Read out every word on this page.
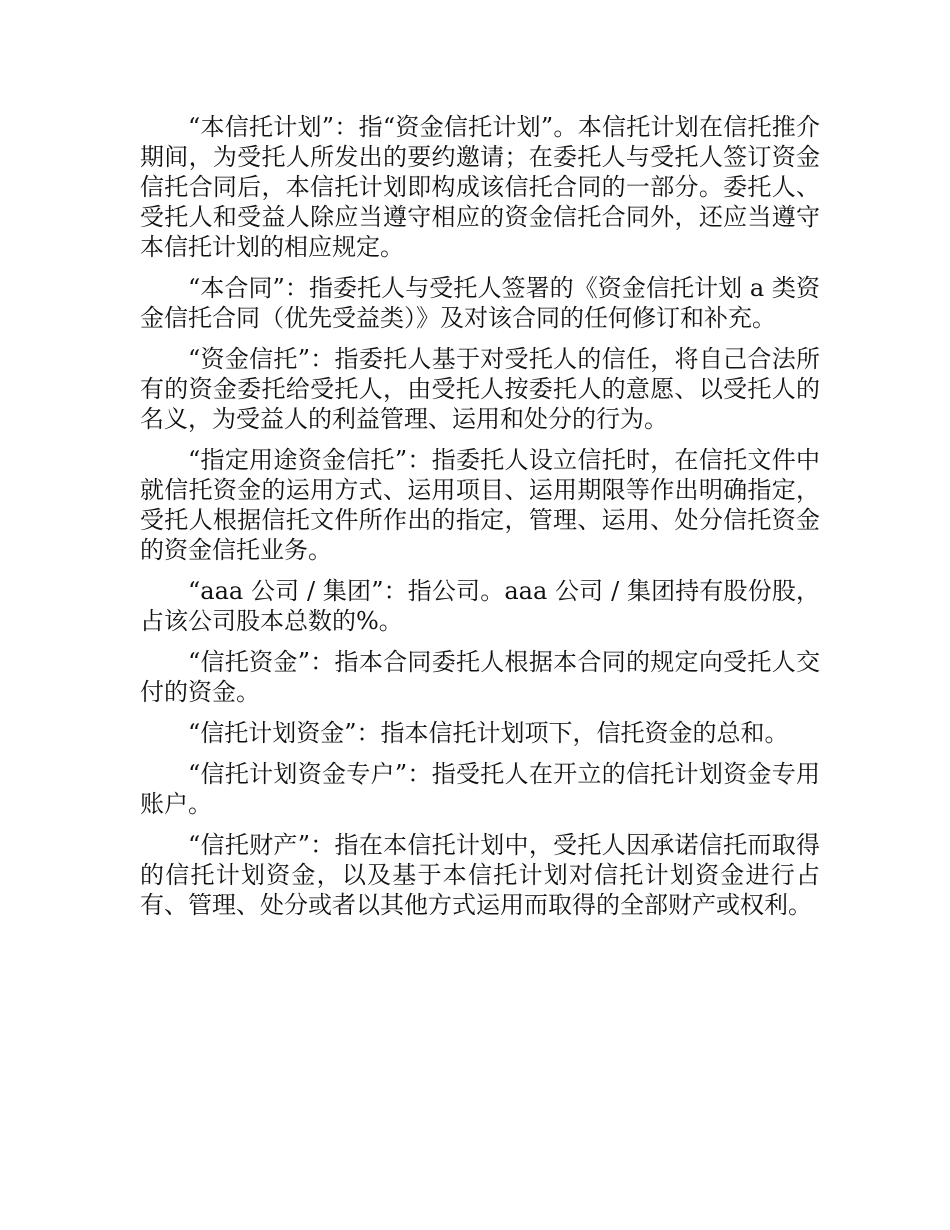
“本信托计划”：指“资金信托计划”。本信托计划在信托推介期间，为受托人所发出的要约邀请；在委托人与受托人签订资金信托合同后，本信托计划即构成该信托合同的一部分。委托人、受托人和受益人除应当遵守相应的资金信托合同外，还应当遵守本信托计划的相应规定。

“本合同”：指委托人与受托人签署的《资金信托计划 a 类资金信托合同（优先受益类）》及对该合同的任何修订和补充。

“资金信托”：指委托人基于对受托人的信任，将自己合法所有的资金委托给受托人，由受托人按委托人的意愿、以受托人的名义，为受益人的利益管理、运用和处分的行为。

“指定用途资金信托”：指委托人设立信托时，在信托文件中就信托资金的运用方式、运用项目、运用期限等作出明确指定，受托人根据信托文件所作出的指定，管理、运用、处分信托资金的资金信托业务。

“aaa 公司 / 集团”：指公司。aaa 公司 / 集团持有股份股，占该公司股本总数的%。

“信托资金”：指本合同委托人根据本合同的规定向受托人交付的资金。

“信托计划资金”：指本信托计划项下，信托资金的总和。

“信托计划资金专户”：指受托人在开立的信托计划资金专用账户。

“信托财产”：指在本信托计划中，受托人因承诺信托而取得的信托计划资金，以及基于本信托计划对信托计划资金进行占有、管理、处分或者以其他方式运用而取得的全部财产或权利。
